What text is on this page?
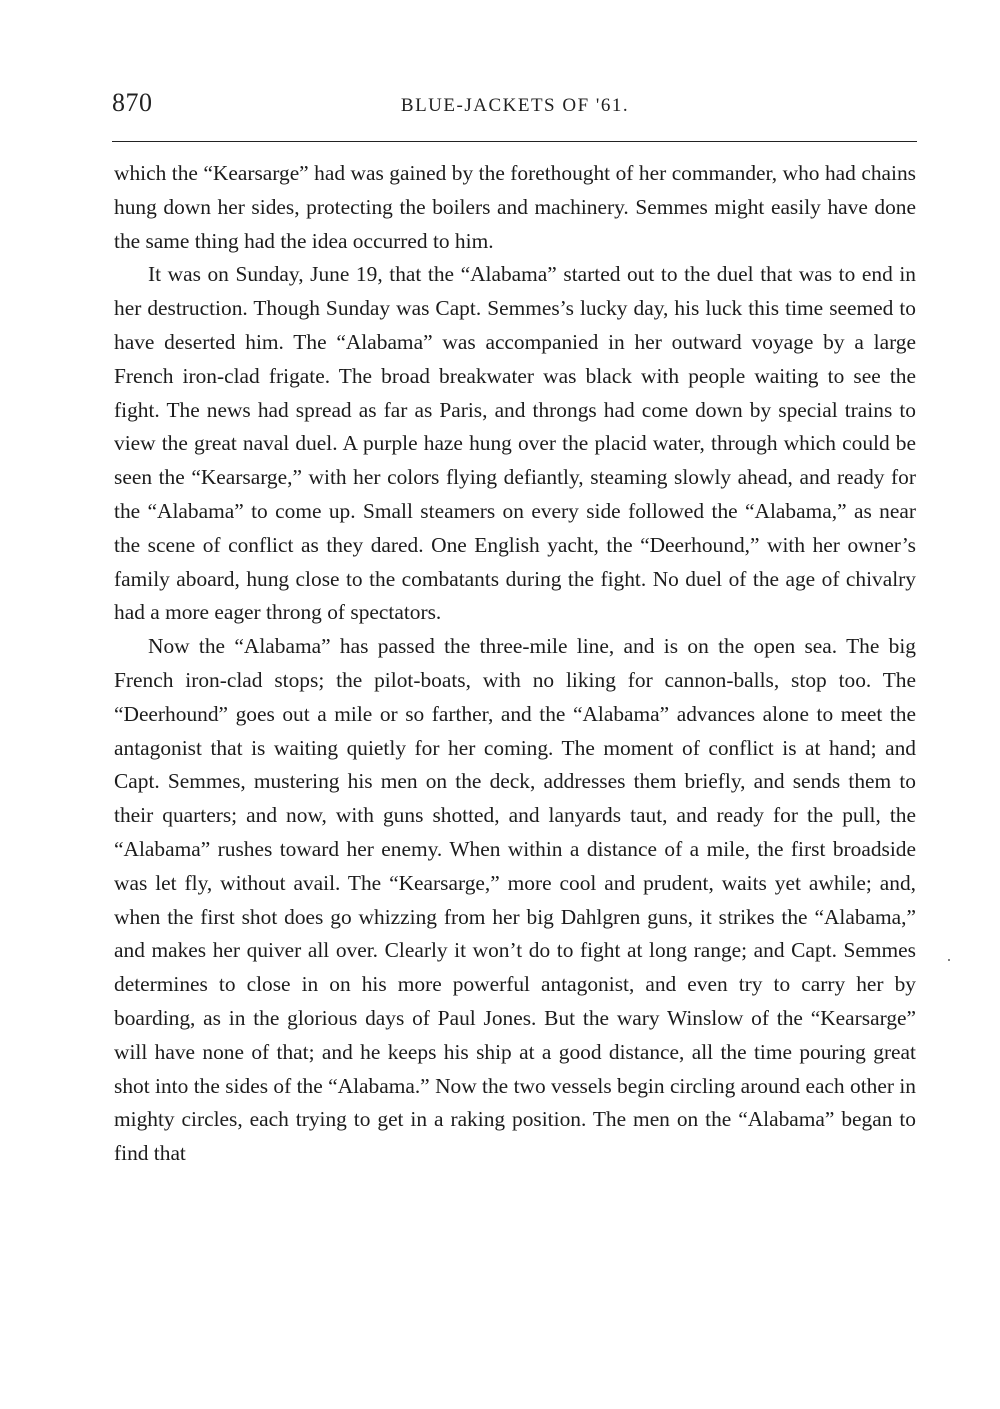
870	BLUE-JACKETS OF '61.

which the “Kearsarge” had was gained by the forethought of her commander, who had chains hung down her sides, protecting the boilers and machinery. Semmes might easily have done the same thing had the idea occurred to him.

It was on Sunday, June 19, that the “Alabama” started out to the duel that was to end in her destruction. Though Sunday was Capt. Semmes’s lucky day, his luck this time seemed to have deserted him. The “Alabama” was accompanied in her outward voyage by a large French iron-clad frigate. The broad breakwater was black with people waiting to see the fight. The news had spread as far as Paris, and throngs had come down by special trains to view the great naval duel. A purple haze hung over the placid water, through which could be seen the “Kearsarge,” with her colors flying defiantly, steaming slowly ahead, and ready for the “Alabama” to come up. Small steamers on every side followed the “Alabama,” as near the scene of conflict as they dared. One English yacht, the “Deerhound,” with her owner’s family aboard, hung close to the combatants during the fight. No duel of the age of chivalry had a more eager throng of spectators.

Now the “Alabama” has passed the three-mile line, and is on the open sea. The big French iron-clad stops; the pilot-boats, with no liking for cannon-balls, stop too. The “Deerhound” goes out a mile or so farther, and the “Alabama” advances alone to meet the antagonist that is waiting quietly for her coming. The moment of conflict is at hand; and Capt. Semmes, mustering his men on the deck, addresses them briefly, and sends them to their quarters; and now, with guns shotted, and lanyards taut, and ready for the pull, the “Alabama” rushes toward her enemy. When within a distance of a mile, the first broadside was let fly, without avail. The “Kearsarge,” more cool and prudent, waits yet awhile; and, when the first shot does go whizzing from her big Dahlgren guns, it strikes the “Alabama,” and makes her quiver all over. Clearly it won’t do to fight at long range; and Capt. Semmes determines to close in on his more powerful antagonist, and even try to carry her by boarding, as in the glorious days of Paul Jones. But the wary Winslow of the “Kearsarge” will have none of that; and he keeps his ship at a good distance, all the time pouring great shot into the sides of the “Alabama.” Now the two vessels begin circling around each other in mighty circles, each trying to get in a raking position. The men on the “Alabama” began to find that
